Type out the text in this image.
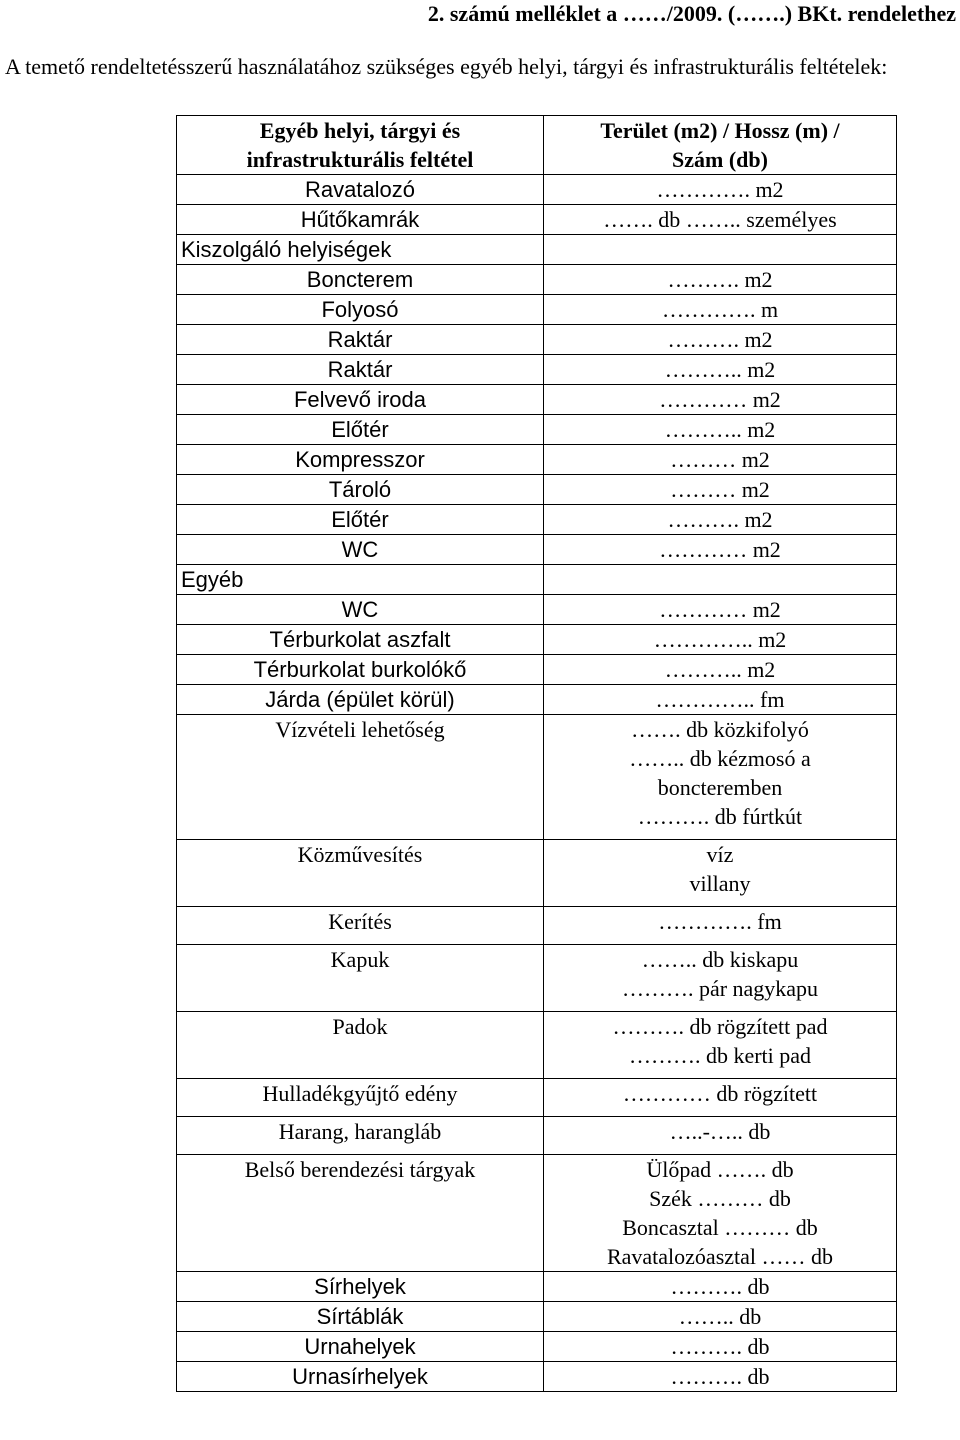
2. számú melléklet a ……/2009. (…….) BKt. rendelethez
A temető rendeltetésszerű használatához szükséges egyéb helyi, tárgyi és infrastrukturális feltételek:
Egyéb helyi, tárgyi és
infrastrukturális feltétel	Terület (m2) / Hossz (m) /
Szám (db)

Ravatalozó	…………. m2

Hűtőkamrák	……. db …….. személyes

Kiszolgáló helyiségek	
Boncterem	………. m2

Folyosó	…………. m

Raktár	………. m2

Raktár	……….. m2

Felvevő iroda	………… m2

Előtér	……….. m2

Kompresszor	……… m2

Tároló	……… m2

Előtér	………. m2

WC	………… m2

Egyéb	
WC	………… m2

Térburkolat aszfalt	………….. m2

Térburkolat burkolókő	……….. m2

Járda (épület körül)	………….. fm

Vízvételi lehetőség	……. db közkifolyó
…….. db kézmosó a
boncteremben
………. db fúrtkút

Közművesítés	víz
villany

Kerítés	…………. fm

Kapuk	…….. db kiskapu
………. pár nagykapu

Padok	………. db rögzített pad
………. db kerti pad

Hulladékgyűjtő edény	………… db rögzített

Harang, harangláb	…..-….. db

Belső berendezési tárgyak	Ülőpad ……. db
Szék ……… db
Boncasztal ……… db
Ravatalozóasztal …… db

Sírhelyek	………. db

Sírtáblák	…….. db

Urnahelyek	………. db

Urnasírhelyek	………. db
